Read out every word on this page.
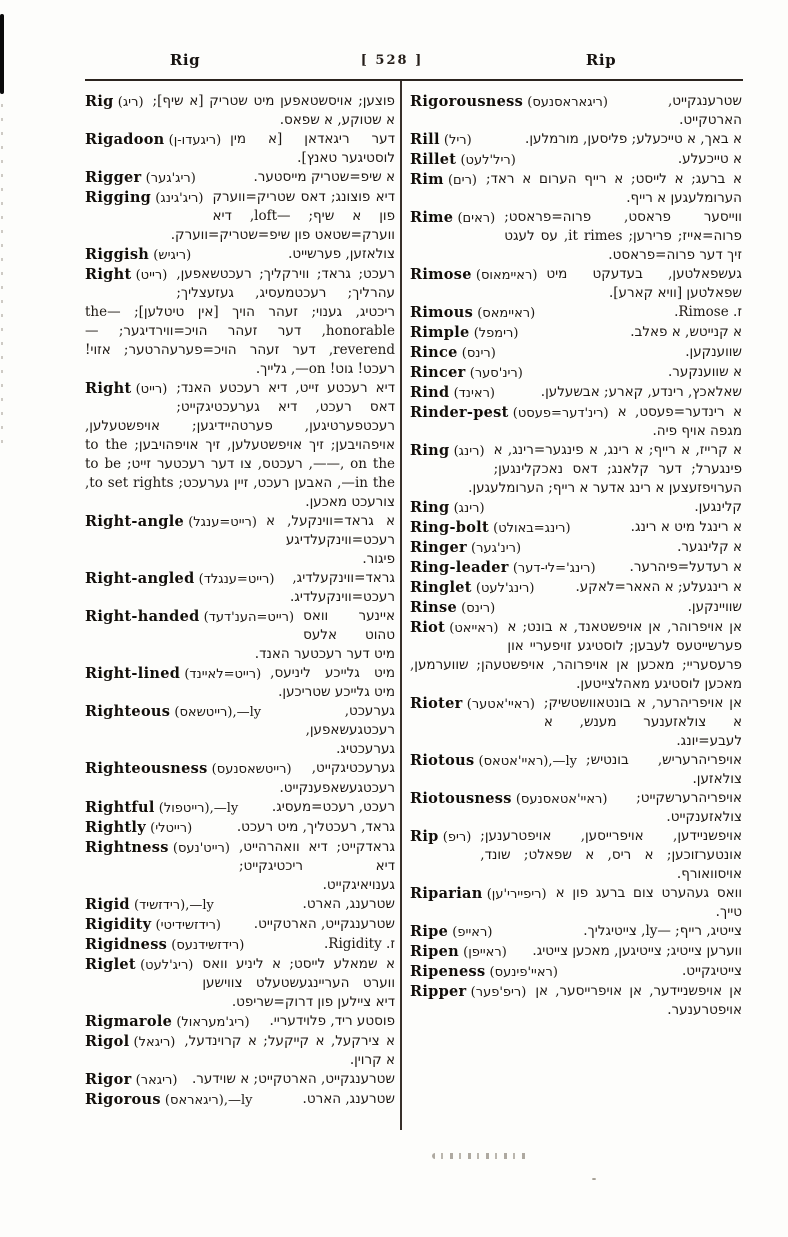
Rig	[ 528 ]	Rip

Rig (ריג) פוצען; אויסשטאפען מיט שטריק [א שיף]; א שטוקע, א שפאס.

Rigadoon (ריגעדו-ן) דער ריגאדאן [א מין לוסטיגער טאנץ].

Rigger (ריג'גער)	א שיפ=שטריק מייסטער.

Rigging (ריג'גינג) דיא פוצונג; דאס שטריק=ווערק פון א שיף; —loft, דיא ווערק=שטאט פון שיפ=שטריק=ווערק.

Riggish (ריגיש)	צולאזען, פערשייט.

Right (רייט) רעכט; גראד; ווירקליך; רעכטשאפען, עהרליך; רעכטמעסיג, געזעצליך; ריכטיג, גענוי; זעהר הויך [אין טיטלען]; the— honorable, דער זעהר הויכ=ווירדיגער; —reverend, דער זעהר הויכ=פערעהרטער; אזוי! רעכט! גוט! on—, גלייך.

Right (רייט) דיא רעכטע זייט, דיא רעכטע האנד; דאס רעכט, דיא גערעכטיגקייט; רעכטפערטיגען, פערטהיידיגען; אויפשטעלען, אויפהויבען; זיך אויפשטעלען, זיך אויפהויבען; to the—, on the—, רעכטס, צו דער רעכטער זייט; to be in the—, האבען רעכט, זיין גערעכט; to set rights, צורעכט מאכען.

Right-angle (רייט=ענגל) א גראד=ווינקעל, א רעכט=ווינקעלדיגע פיגור.

Right-angled (רייט=ענגלד) גראד=ווינקעלדיג, רעכט=ווינקעלדיג.

Right-handed (רייט=הענ'דעד) איינער וואס טהוט אלעס מיט דער רעכטער האנד.

Right-lined (רייט=לאיינד) מיט גלייכע ליניעס, מיט גלייכע שטריכען.

Righteous (רייטשאס),—ly	גערעכט, רעכטגעשאפען, גערעכטיג.

Righteousness (רייטשאסנעס) גערעכטיגקייט, רעכטגעשאפענקייט.

Rightful (רייטפול),—ly רעכט, רעכט=מעסיג.

Rightly (רייטלי)	גראד, רעכטליך, מיט רעכט.

Rightness (רייט'נעס) גראדקייט; דיא וואהרהייט, דיא ריכטיגקייט; גענויאיגקייט.

Rigid (רידזשיד),—ly	שטרענג, הארט.

Rigidity (רידזשידיטי) שטרענגקייט, הארטקייט.

Rigidness (רידזשידנעס)	ז. Rigidity.

Riglet (ריג'לעט) א שמאלע לייסט; א ליניע וואס ווערט העריינגעשטעלט צווישען דיא ציילען פון דרוק=שריפט.

Rigmarole (ריג'מעראול) פוסטע ריד, פלוידעריי.

Rigol (ריגאל) א צירקעל, א קייקעל; א קרוינדעל, א קרוין.

Rigor (ריגאר) שטרענגקייט, הארטקייט; א שוידער.

Rigorous (ריגאראס),—ly	שטרענג, הארט.

Rigorousness (ריגאראסנעס)	שטרענגקייט, הארטקייט.

Rill (ריל)	א באך, א טייכעלע; פליסען, מורמלען.

Rillet (ריל'לעט)	א טייכעלע.

Rim (רים) א ברעג; א לייסט; א רייף הערום א ראד; הערומלעגען א רייף.

Rime (ראים) ווייסער פראסט, פרוה=פראסט; פרוה=אייז; פרירען; it rimes, עס לעגט זיך דער פרוה=פראסט.

Rimose (ראיימאוס) געשפאלטען, בעדעקט מיט שפאלטען [וויא קארע].

Rimous (ראיימאס)	ז. Rimose.

Rimple (רימפל)	א קנייטש, א פאלב.

Rince (רינס)	שווענקען.

Rincer (רינ'סער)	א שווענקער.

Rind (ראינד)	שאלאכץ, רינדע, קארע; אבשעלען.

Rinder-pest (רינ'דער=פעסט) א רינדער=פעסט, א מגפה אויף פיה.

Ring (רינג) א קרייז, א רייף; א רינג, א פינגער=רינג, א פינגערל; דער קלאנג; דאס נאכקלינגען; הערויפזעצען א רינג אדער א רייף; הערומלעגען.

Ring (רינג)	קלינגען.

Ring-bolt (רינג=באולט)	א רינגל מיט א רינג.

Ringer (רינ'גער)	א קלינגער.

Ring-leader (רינג'=לי-דער)	א רעדעל=פיהרער.

Ringlet (רינג'לעט)	א רינגעלע; א האאר=לאקע.

Rinse (רינס)	שוויינקען.

Riot (ראייאט) אן אויפרוהר, אן אויפשטאנד, א בונט; א פערשייטעס לעבען; לוסטיגע זויפעריי און פרעסעריי; מאכען אן אויפרוהר, אויפשטעהן; שווערמען, מאכען לוסטיגע מאהלצייטען.

Rioter (ראיי'אטער) אן אויפריהרער, א בונטאוושטשיק; א צולאזענער מענש, א לעבע=יונג.

Riotous (ראיי'אטאס),—ly אויפריהרעריש, בונטיש; צולאזען.

Riotousness (ראיי'אטאסנעס) אויפריהרערשקייט; צולאזענקייט.

Rip (ריפ) אויפשניידען, אויפרייסען, אויפטרענען; אונטערזוכען; א ריס, א שפאלט; שונד, אויסוואורף.

Riparian (ריפיירי'ען) וואס געהערט צום ברעג פון א טייך.

Ripe (ראייפ)	צייטיג, רייף; —ly, צייטיגליך.

Ripen (ראייפן) ווערען צייטיג; צייטיגען, מאכען צייטיג.

Ripeness (ראיי'פינעס)	צייטיגקייט.

Ripper (ריפ'פער) אן אויפשניידער, אן אויפרייסער, אן אויפטרענער.
